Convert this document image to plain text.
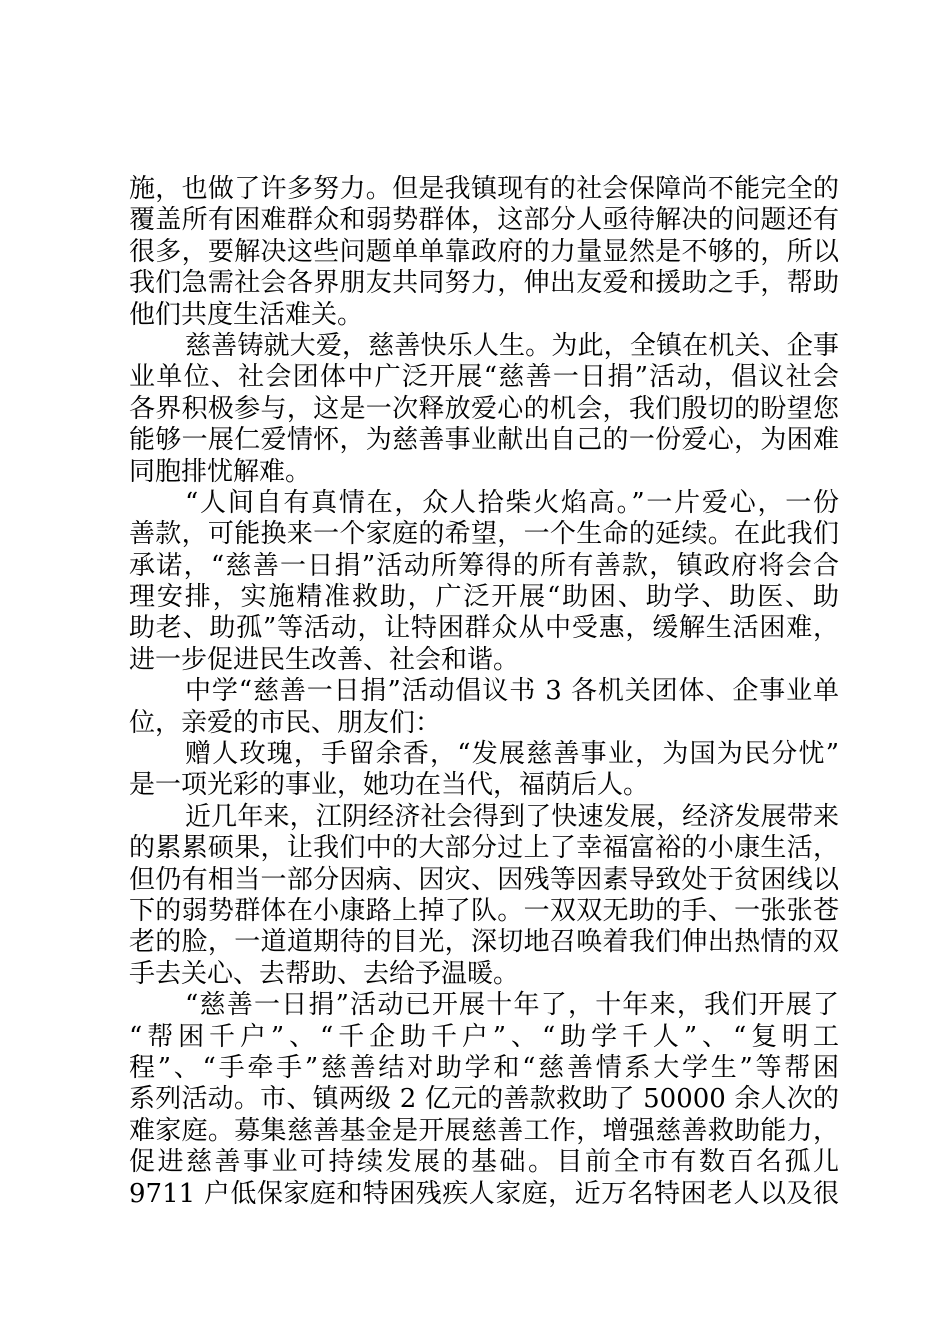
施，也做了许多努力。但是我镇现有的社会保障尚不能完全的
覆盖所有困难群众和弱势群体，这部分人亟待解决的问题还有
很多，要解决这些问题单单靠政府的力量显然是不够的，所以
我们急需社会各界朋友共同努力，伸出友爱和援助之手，帮助
他们共度生活难关。
慈善铸就大爱，慈善快乐人生。为此，全镇在机关、企事
业单位、社会团体中广泛开展“慈善一日捐”活动，倡议社会
各界积极参与，这是一次释放爱心的机会，我们殷切的盼望您
能够一展仁爱情怀，为慈善事业献出自己的一份爱心，为困难
同胞排忧解难。
“人间自有真情在，众人拾柴火焰高。”一片爱心，一份
善款，可能换来一个家庭的希望，一个生命的延续。在此我们
承诺，“慈善一日捐”活动所筹得的所有善款，镇政府将会合
理安排，实施精准救助，广泛开展“助困、助学、助医、助
助老、助孤”等活动，让特困群众从中受惠，缓解生活困难，
进一步促进民生改善、社会和谐。
中学“慈善一日捐”活动倡议书 3 各机关团体、企事业单
位，亲爱的市民、朋友们：
赠人玫瑰，手留余香，“发展慈善事业，为国为民分忧”
是一项光彩的事业，她功在当代，福荫后人。
近几年来，江阴经济社会得到了快速发展，经济发展带来
的累累硕果，让我们中的大部分过上了幸福富裕的小康生活，
但仍有相当一部分因病、因灾、因残等因素导致处于贫困线以
下的弱势群体在小康路上掉了队。一双双无助的手、一张张苍
老的脸，一道道期待的目光，深切地召唤着我们伸出热情的双
手去关心、去帮助、去给予温暖。
“慈善一日捐”活动已开展十年了，十年来，我们开展了
“帮困千户”、“千企助千户”、“助学千人”、“复明工
程”、“手牵手”慈善结对助学和“慈善情系大学生”等帮困
系列活动。市、镇两级 2 亿元的善款救助了 50000 余人次的
难家庭。募集慈善基金是开展慈善工作，增强慈善救助能力，
促进慈善事业可持续发展的基础。目前全市有数百名孤儿
9711 户低保家庭和特困残疾人家庭，近万名特困老人以及很
